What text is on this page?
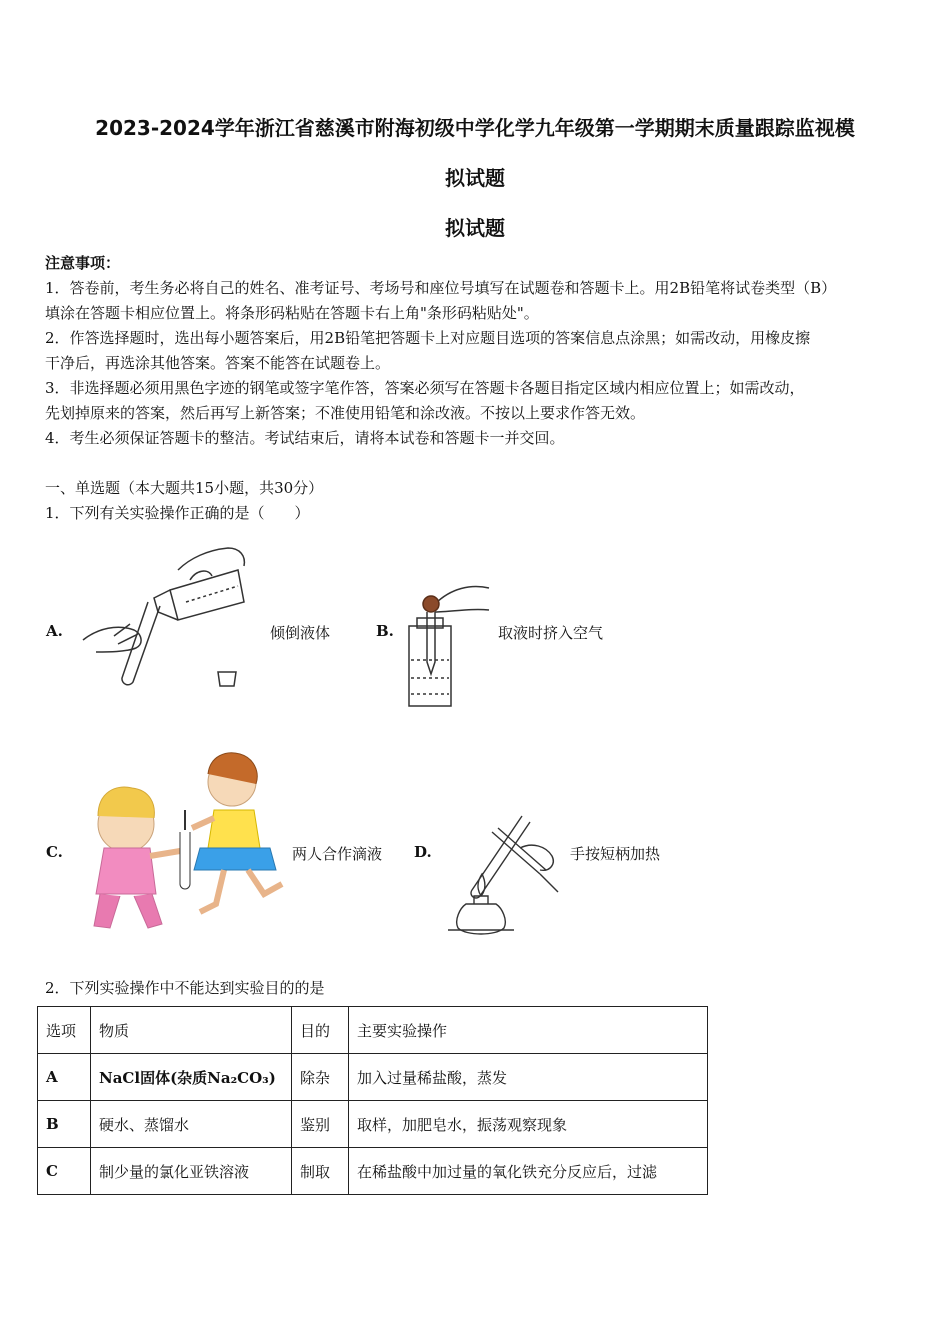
2023-2024学年浙江省慈溪市附海初级中学化学九年级第一学期期末质量跟踪监视模
拟试题
拟试题
注意事项：
1．答卷前，考生务必将自己的姓名、准考证号、考场号和座位号填写在试题卷和答题卡上。用2B铅笔将试卷类型（B）
填涂在答题卡相应位置上。将条形码粘贴在答题卡右上角"条形码粘贴处"。
2．作答选择题时，选出每小题答案后，用2B铅笔把答题卡上对应题目选项的答案信息点涂黑；如需改动，用橡皮擦
干净后，再选涂其他答案。答案不能答在试题卷上。
3．非选择题必须用黑色字迹的钢笔或签字笔作答，答案必须写在答题卡各题目指定区域内相应位置上；如需改动，
先划掉原来的答案，然后再写上新答案；不准使用铅笔和涂改液。不按以上要求作答无效。
4．考生必须保证答题卡的整洁。考试结束后，请将本试卷和答题卡一并交回。
一、单选题（本大题共15小题，共30分）
1．下列有关实验操作正确的是（　　）
A.	倾倒液体	B.	取液时挤入空气
C.	两人合作滴液 D.	手按短柄加热
2．下列实验操作中不能达到实验目的的是
选项	物质	目的	主要实验操作
A	NaCl固体(杂质Na₂CO₃)	除杂	加入过量稀盐酸，蒸发
B	硬水、蒸馏水	鉴别	取样，加肥皂水，振荡观察现象
C	制少量的氯化亚铁溶液	制取	在稀盐酸中加过量的氧化铁充分反应后，过滤
